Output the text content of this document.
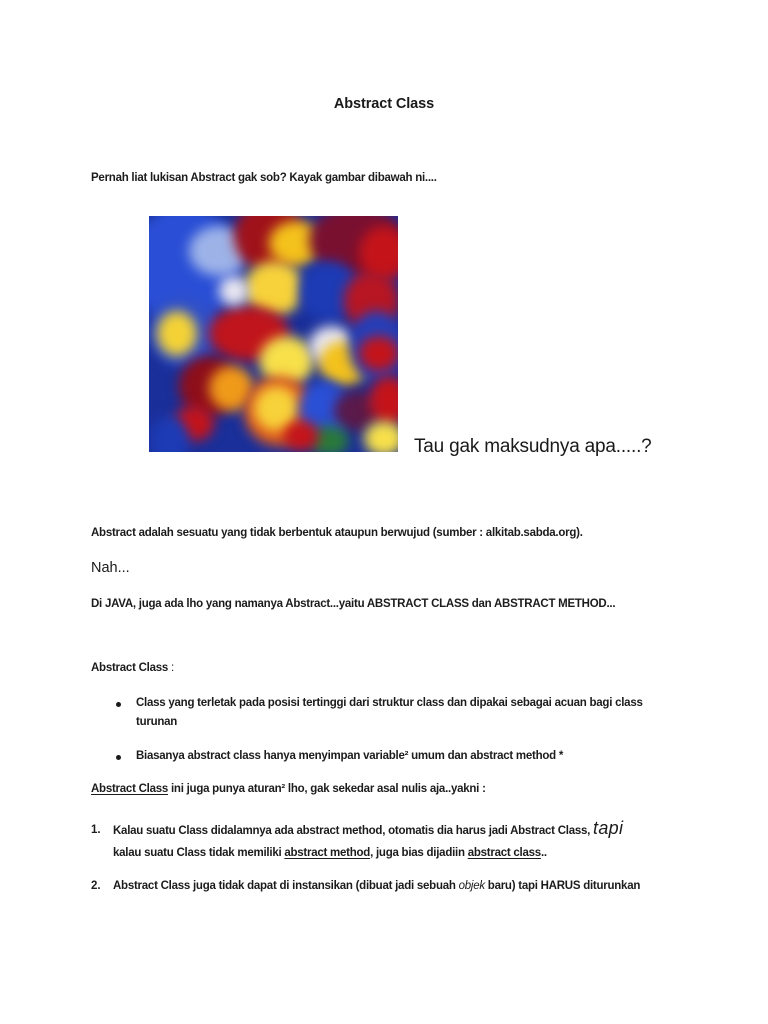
Abstract Class
Pernah liat lukisan Abstract gak sob? Kayak gambar dibawah ni....
Tau gak maksudnya apa.....?
Abstract adalah sesuatu yang tidak berbentuk ataupun berwujud (sumber : alkitab.sabda.org).
Nah...
Di JAVA, juga ada lho yang namanya Abstract...yaitu ABSTRACT CLASS dan ABSTRACT METHOD...
Abstract Class :
Class yang terletak pada posisi tertinggi dari struktur class dan dipakai sebagai acuan bagi class
turunan
Biasanya abstract class hanya menyimpan variable² umum dan abstract method *
Abstract Class ini juga punya aturan² lho, gak sekedar asal nulis aja..yakni :
1. Kalau suatu Class didalamnya ada abstract method, otomatis dia harus jadi Abstract Class, tapi
kalau suatu Class tidak memiliki abstract method, juga bias dijadiin abstract class..
2. Abstract Class juga tidak dapat di instansikan (dibuat jadi sebuah objek baru) tapi HARUS diturunkan
